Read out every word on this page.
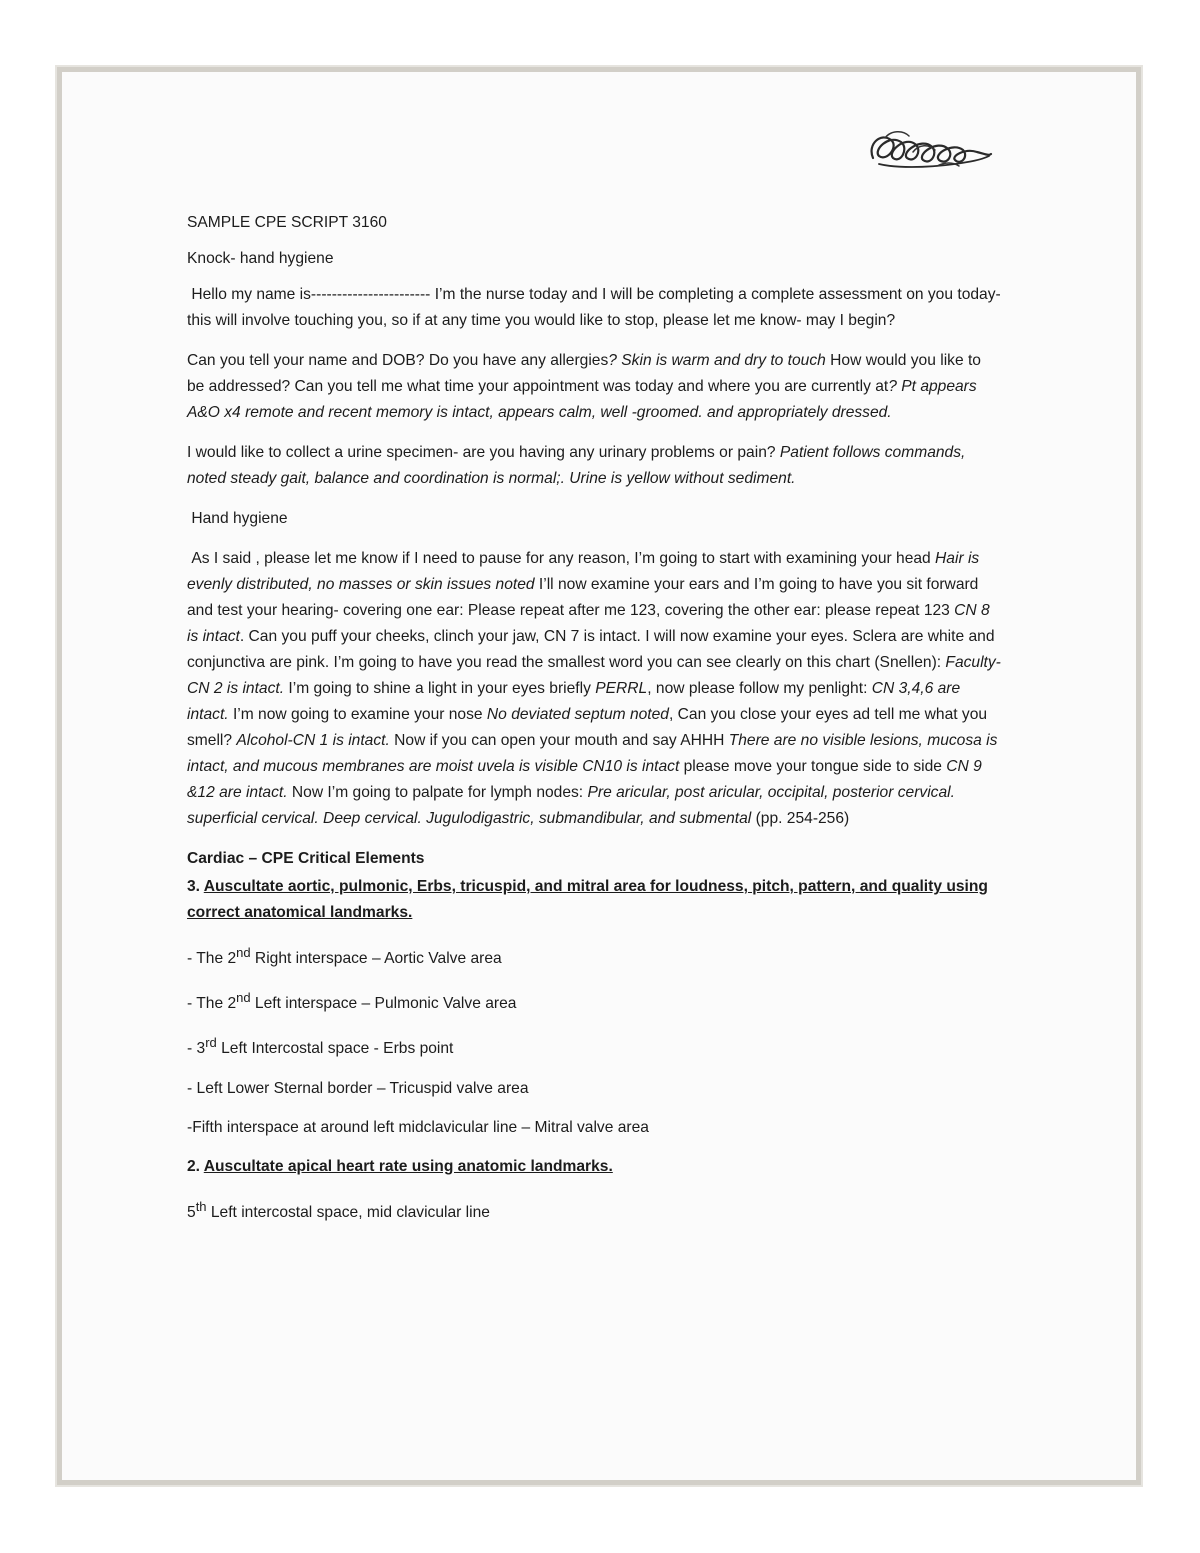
SAMPLE CPE SCRIPT 3160

Knock- hand hygiene

Hello my name is----------------------- I’m the nurse today and I will be completing a complete assessment on you today- this will involve touching you, so if at any time you would like to stop, please let me know- may I begin?

Can you tell your name and DOB? Do you have any allergies? Skin is warm and dry to touch How would you like to be addressed? Can you tell me what time your appointment was today and where you are currently at? Pt appears A&O x4 remote and recent memory is intact, appears calm, well -groomed. and appropriately dressed.

I would like to collect a urine specimen- are you having any urinary problems or pain? Patient follows commands, noted steady gait, balance and coordination is normal;. Urine is yellow without sediment.

Hand hygiene

As I said , please let me know if I need to pause for any reason, I’m going to start with examining your head Hair is evenly distributed, no masses or skin issues noted I’ll now examine your ears and I’m going to have you sit forward and test your hearing- covering one ear: Please repeat after me 123, covering the other ear: please repeat 123 CN 8 is intact. Can you puff your cheeks, clinch your jaw, CN 7 is intact. I will now examine your eyes. Sclera are white and conjunctiva are pink. I’m going to have you read the smallest word you can see clearly on this chart (Snellen): Faculty-CN 2 is intact. I’m going to shine a light in your eyes briefly PERRL, now please follow my penlight: CN 3,4,6 are intact. I’m now going to examine your nose No deviated septum noted, Can you close your eyes ad tell me what you smell? Alcohol-CN 1 is intact. Now if you can open your mouth and say AHHH There are no visible lesions, mucosa is intact, and mucous membranes are moist uvela is visible CN10 is intact please move your tongue side to side CN 9 &12 are intact. Now I’m going to palpate for lymph nodes: Pre aricular, post aricular, occipital, posterior cervical. superficial cervical. Deep cervical. Jugulodigastric, submandibular, and submental (pp. 254-256)

Cardiac – CPE Critical Elements

3. Auscultate aortic, pulmonic, Erbs, tricuspid, and mitral area for loudness, pitch, pattern, and quality using correct anatomical landmarks.

- The 2nd Right interspace – Aortic Valve area

- The 2nd Left interspace – Pulmonic Valve area

- 3rd Left Intercostal space - Erbs point

- Left Lower Sternal border – Tricuspid valve area

-Fifth interspace at around left midclavicular line – Mitral valve area

2. Auscultate apical heart rate using anatomic landmarks.

5th Left intercostal space, mid clavicular line
